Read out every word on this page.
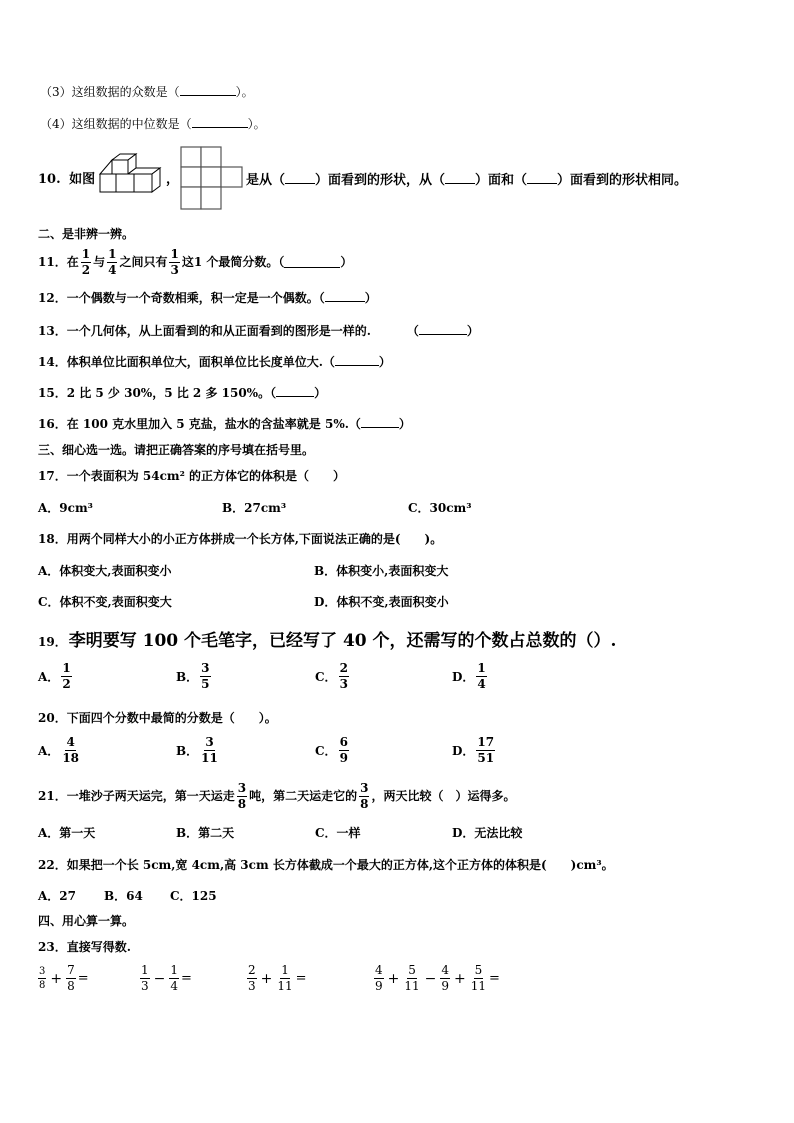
（3）这组数据的众数是（	）。
（4）这组数据的中位数是（	）。
10. 如图	，	是从（ ）面看到的形状，从（ ）面和（ ）面看到的形状相同。
二、是非辨一辨。
11．在 $\frac{1}{2}$ 与 $\frac{1}{4}$ 之间只有 $\frac{1}{3}$ 这1 个最简分数。（	）
12．一个偶数与一个奇数相乘，积一定是一个偶数。（	）
13．一个几何体，从上面看到的和从正面看到的图形是一样的.	（	）
14．体积单位比面积单位大，面积单位比长度单位大.（	）
15．2 比 5 少 30%，5 比 2 多 150%。（	）
16．在 100 克水里加入 5 克盐，盐水的含盐率就是 5%.（	）
三、细心选一选。请把正确答案的序号填在括号里。
17．一个表面积为 54cm² 的正方体它的体积是（　　）
A．9cm³	B．27cm³	C．30cm³
18．用两个同样大小的小正方体拼成一个长方体,下面说法正确的是(　　)。
A．体积变大,表面积变小	B．体积变小,表面积变大
C．体积不变,表面积变大	D．体积不变,表面积变小
19． 李明要写 100 个毛笔字，已经写了 40 个，还需写的个数占总数的（）.
A． $\frac{1}{2}$	B． $\frac{3}{5}$	C． $\frac{2}{3}$	D． $\frac{1}{4}$
20．下面四个分数中最简的分数是（　　）。
A． $\frac{4}{18}$	B． $\frac{3}{11}$	C． $\frac{6}{9}$	D． $\frac{17}{51}$
21．一堆沙子两天运完，第一天运走 $\frac{3}{8}$ 吨，第二天运走它的 $\frac{3}{8}$ ，两天比较（　）运得多。
A．第一天	B．第二天	C．一样	D．无法比较
22．如果把一个长 5cm,宽 4cm,高 3cm 长方体截成一个最大的正方体,这个正方体的体积是(　　)cm³。
A．27 B．64 C．125
四、用心算一算。
23．直接写得数.
$\frac{3}{8} + \frac{7}{8}$ =	$\frac{1}{3} - \frac{1}{4}$ =	$\frac{2}{3} + \frac{1}{11}$ =	$\frac{4}{9} + \frac{5}{11} - \frac{4}{9} + \frac{5}{11}$ =
